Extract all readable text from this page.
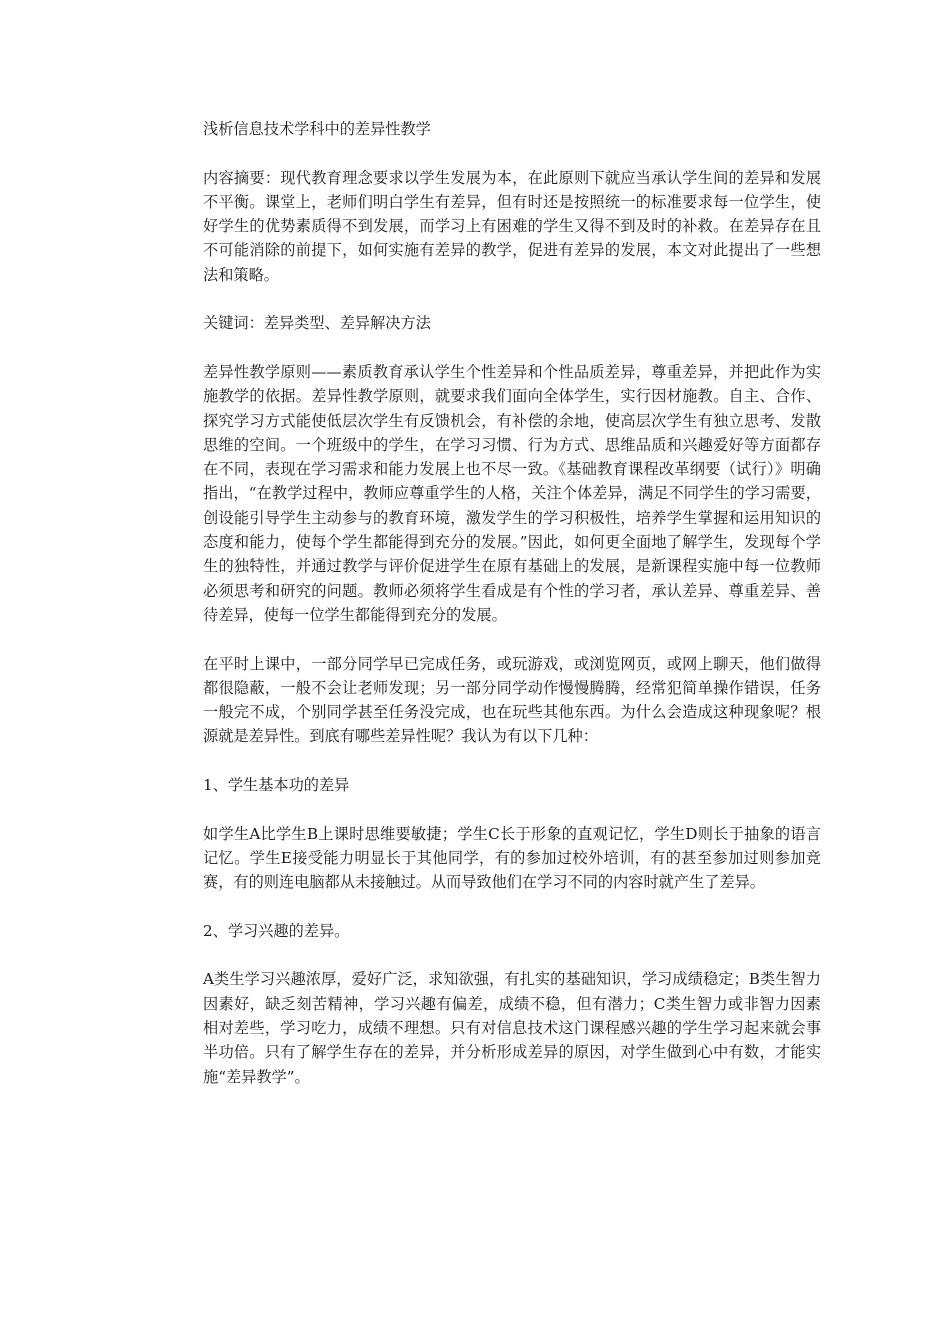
浅析信息技术学科中的差异性教学

内容摘要：现代教育理念要求以学生发展为本，在此原则下就应当承认学生间的差异和发展不平衡。课堂上，老师们明白学生有差异，但有时还是按照统一的标准要求每一位学生，使好学生的优势素质得不到发展，而学习上有困难的学生又得不到及时的补救。在差异存在且不可能消除的前提下，如何实施有差异的教学，促进有差异的发展，本文对此提出了一些想法和策略。

关键词：差异类型、差异解决方法

差异性教学原则——素质教育承认学生个性差异和个性品质差异，尊重差异，并把此作为实施教学的依据。差异性教学原则，就要求我们面向全体学生，实行因材施教。自主、合作、探究学习方式能使低层次学生有反馈机会，有补偿的余地，使高层次学生有独立思考、发散思维的空间。一个班级中的学生，在学习习惯、行为方式、思维品质和兴趣爱好等方面都存在不同，表现在学习需求和能力发展上也不尽一致。《基础教育课程改革纲要（试行）》明确指出，“在教学过程中，教师应尊重学生的人格，关注个体差异，满足不同学生的学习需要，创设能引导学生主动参与的教育环境，激发学生的学习积极性，培养学生掌握和运用知识的态度和能力，使每个学生都能得到充分的发展。”因此，如何更全面地了解学生，发现每个学生的独特性，并通过教学与评价促进学生在原有基础上的发展，是新课程实施中每一位教师必须思考和研究的问题。教师必须将学生看成是有个性的学习者，承认差异、尊重差异、善待差异，使每一位学生都能得到充分的发展。

在平时上课中，一部分同学早已完成任务，或玩游戏，或浏览网页，或网上聊天，他们做得都很隐蔽，一般不会让老师发现；另一部分同学动作慢慢腾腾，经常犯简单操作错误，任务一般完不成，个别同学甚至任务没完成，也在玩些其他东西。为什么会造成这种现象呢？根源就是差异性。到底有哪些差异性呢？我认为有以下几种：

1、学生基本功的差异

如学生A比学生B上课时思维要敏捷；学生C长于形象的直观记忆，学生D则长于抽象的语言记忆。学生E接受能力明显长于其他同学，有的参加过校外培训，有的甚至参加过则参加竞赛，有的则连电脑都从未接触过。从而导致他们在学习不同的内容时就产生了差异。

2、学习兴趣的差异。

A类生学习兴趣浓厚，爱好广泛，求知欲强，有扎实的基础知识，学习成绩稳定；B类生智力因素好，缺乏刻苦精神，学习兴趣有偏差，成绩不稳，但有潜力；C类生智力或非智力因素相对差些，学习吃力，成绩不理想。只有对信息技术这门课程感兴趣的学生学习起来就会事半功倍。只有了解学生存在的差异，并分析形成差异的原因，对学生做到心中有数，才能实施“差异教学”。
